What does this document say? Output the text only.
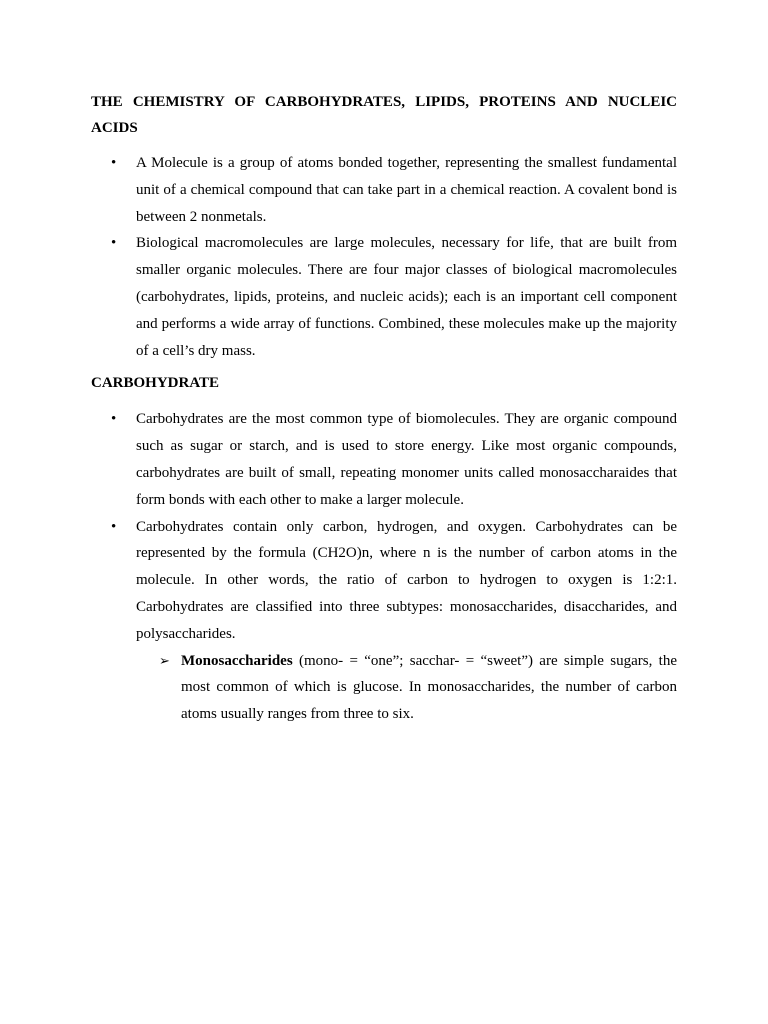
THE CHEMISTRY OF CARBOHYDRATES, LIPIDS, PROTEINS AND NUCLEIC ACIDS
• A Molecule is a group of atoms bonded together, representing the smallest fundamental unit of a chemical compound that can take part in a chemical reaction. A covalent bond is between 2 nonmetals.
• Biological macromolecules are large molecules, necessary for life, that are built from smaller organic molecules. There are four major classes of biological macromolecules (carbohydrates, lipids, proteins, and nucleic acids); each is an important cell component and performs a wide array of functions. Combined, these molecules make up the majority of a cell’s dry mass.
CARBOHYDRATE
• Carbohydrates are the most common type of biomolecules. They are organic compound such as sugar or starch, and is used to store energy. Like most organic compounds, carbohydrates are built of small, repeating monomer units called monosaccharaides that form bonds with each other to make a larger molecule.
• Carbohydrates contain only carbon, hydrogen, and oxygen. Carbohydrates can be represented by the formula (CH2O)n, where n is the number of carbon atoms in the molecule. In other words, the ratio of carbon to hydrogen to oxygen is 1:2:1. Carbohydrates are classified into three subtypes: monosaccharides, disaccharides, and polysaccharides.
➢ Monosaccharides (mono- = “one”; sacchar- = “sweet”) are simple sugars, the most common of which is glucose. In monosaccharides, the number of carbon atoms usually ranges from three to six.
